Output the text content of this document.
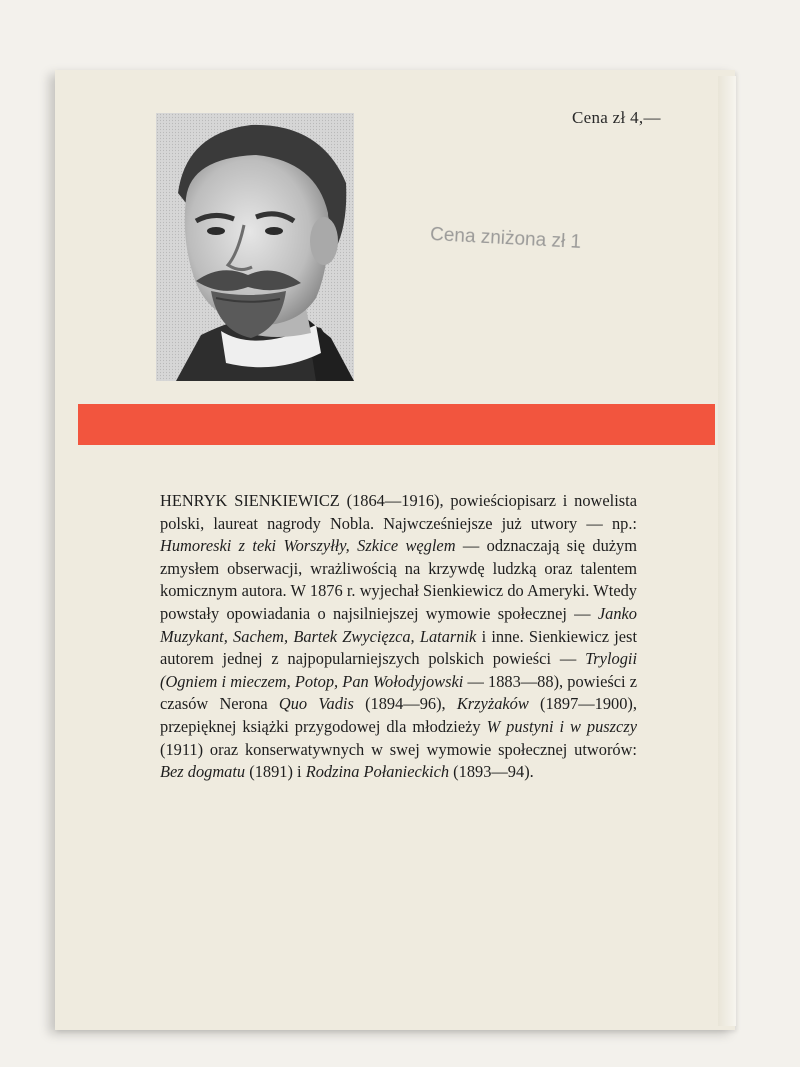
Cena zł 4,—
Cena zniżona zł 1

HENRYK SIENKIEWICZ (1864—1916), powieściopisarz i nowelista polski, laureat nagrody Nobla. Najwcześniejsze już utwory — np.: Humoreski z teki Worszyłły, Szkice węglem — odznaczają się dużym zmysłem obserwacji, wrażliwością na krzywdę ludzką oraz talentem komicznym autora. W 1876 r. wyjechał Sienkiewicz do Ameryki. Wtedy powstały opowiadania o najsilniejszej wymowie społecznej — Janko Muzykant, Sachem, Bartek Zwycięzca, Latarnik i inne. Sienkiewicz jest autorem jednej z najpopularniejszych polskich powieści — Trylogii (Ogniem i mieczem, Potop, Pan Wołodyjowski — 1883—88), powieści z czasów Nerona Quo Vadis (1894—96), Krzyżaków (1897—1900), przepięknej książki przygodowej dla młodzieży W pustyni i w puszczy (1911) oraz konserwatywnych w swej wymowie społecznej utworów: Bez dogmatu (1891) i Rodzina Połanieckich (1893—94).
